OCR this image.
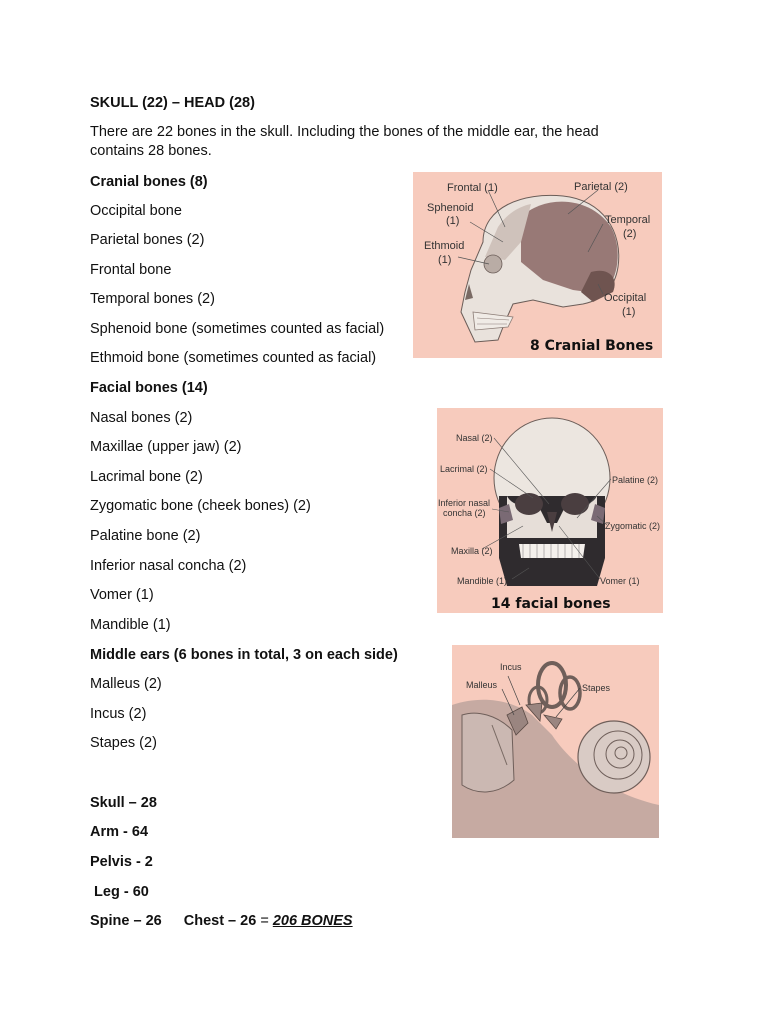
SKULL (22) – HEAD (28)
There are 22 bones in the skull. Including the bones of the middle ear, the head contains 28 bones.
Cranial bones (8)
Occipital bone
Parietal bones (2)
Frontal bone
Temporal bones (2)
Sphenoid bone (sometimes counted as facial)
Ethmoid bone (sometimes counted as facial)
Facial bones (14)
Nasal bones (2)
Maxillae (upper jaw) (2)
Lacrimal bone (2)
Zygomatic bone (cheek bones) (2)
Palatine bone (2)
Inferior nasal concha (2)
Vomer (1)
Mandible (1)
Middle ears (6 bones in total, 3 on each side)
Malleus (2)
Incus (2)
Stapes (2)
Skull – 28
Arm - 64
Pelvis - 2
Leg - 60
Spine – 26 Chest – 26 = 206 BONES
Frontal (1)	Parietal (2)
Sphenoid
(1)
Ethmoid
(1)
Temporal
(2)
Occipital
(1)
8 Cranial Bones
Nasal (2)
Lacrimal (2)
Inferior nasal
concha (2)
Maxilla (2)
Mandible (1)
Palatine (2)
Zygomatic (2)
Vomer (1)
14 facial bones
Incus
Malleus	Stapes
